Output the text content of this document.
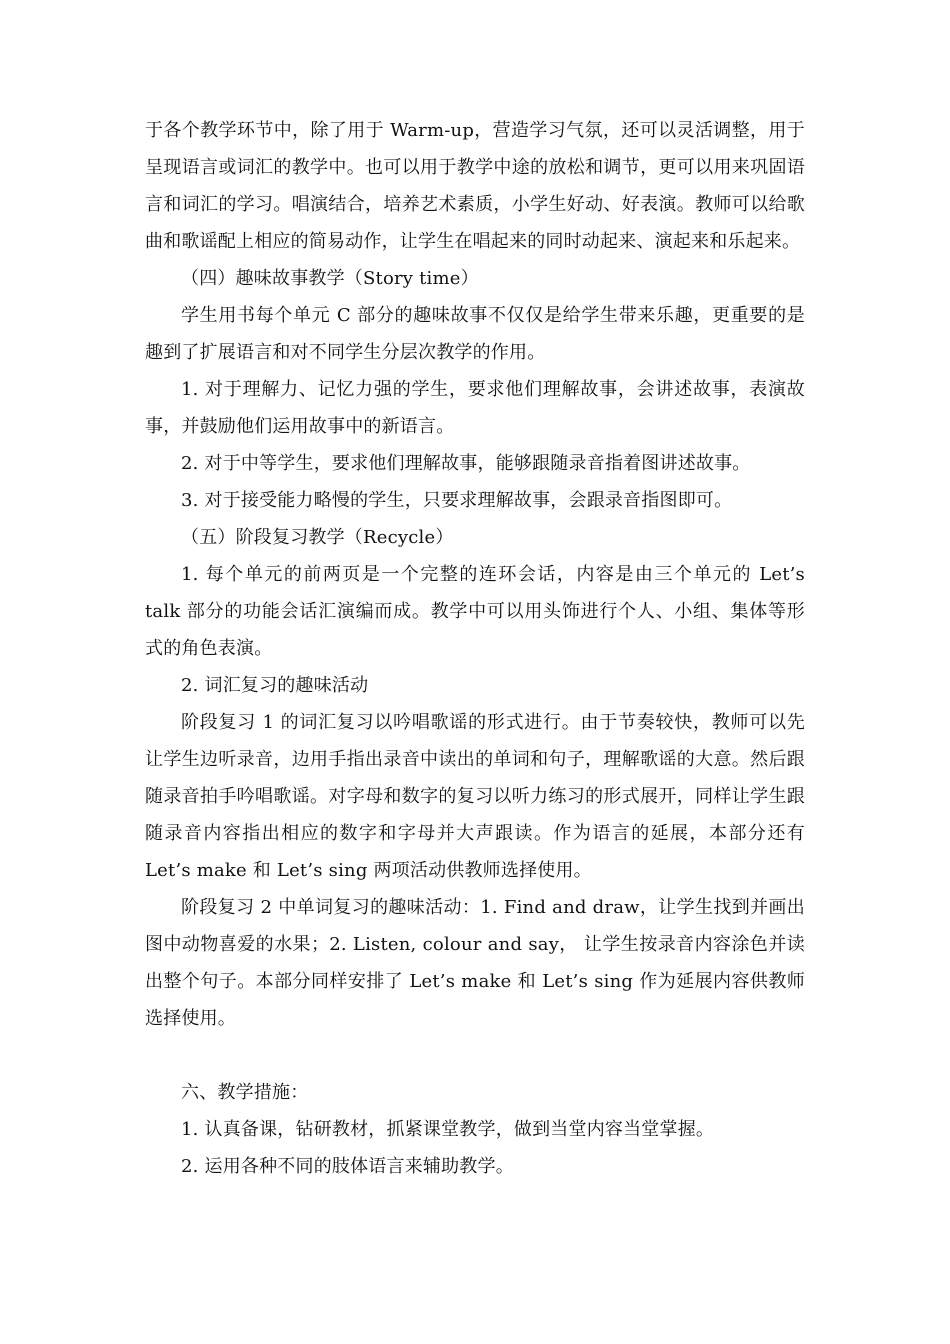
于各个教学环节中，除了用于 Warm-up，营造学习气氛，还可以灵活调整，用于呈现语言或词汇的教学中。也可以用于教学中途的放松和调节，更可以用来巩固语言和词汇的学习。唱演结合，培养艺术素质，小学生好动、好表演。教师可以给歌曲和歌谣配上相应的简易动作，让学生在唱起来的同时动起来、演起来和乐起来。

（四）趣味故事教学（Story time）

学生用书每个单元 C 部分的趣味故事不仅仅是给学生带来乐趣，更重要的是趣到了扩展语言和对不同学生分层次教学的作用。

1. 对于理解力、记忆力强的学生，要求他们理解故事，会讲述故事，表演故事，并鼓励他们运用故事中的新语言。

2. 对于中等学生，要求他们理解故事，能够跟随录音指着图讲述故事。

3. 对于接受能力略慢的学生，只要求理解故事，会跟录音指图即可。

（五）阶段复习教学（Recycle）

1. 每个单元的前两页是一个完整的连环会话，内容是由三个单元的 Let’s talk 部分的功能会话汇演编而成。教学中可以用头饰进行个人、小组、集体等形式的角色表演。

2. 词汇复习的趣味活动

阶段复习 1 的词汇复习以吟唱歌谣的形式进行。由于节奏较快，教师可以先让学生边听录音，边用手指出录音中读出的单词和句子，理解歌谣的大意。然后跟随录音拍手吟唱歌谣。对字母和数字的复习以听力练习的形式展开，同样让学生跟随录音内容指出相应的数字和字母并大声跟读。作为语言的延展，本部分还有 Let’s make 和 Let’s sing 两项活动供教师选择使用。

阶段复习 2 中单词复习的趣味活动：1. Find and draw，让学生找到并画出图中动物喜爱的水果；2. Listen, colour and say， 让学生按录音内容涂色并读出整个句子。本部分同样安排了 Let’s make 和 Let’s sing 作为延展内容供教师选择使用。

六、教学措施：

1. 认真备课，钻研教材，抓紧课堂教学，做到当堂内容当堂掌握。

2. 运用各种不同的肢体语言来辅助教学。
